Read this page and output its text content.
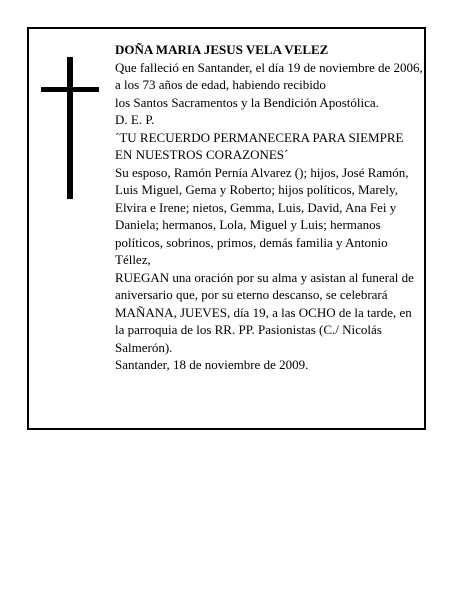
DOÑA MARIA JESUS VELA VELEZ

Que falleció en Santander, el día 19 de noviembre de 2006,

a los 73 años de edad, habiendo recibido

los Santos Sacramentos y la Bendición Apostólica.

D. E. P.

´TU RECUERDO PERMANECERA PARA SIEMPRE EN NUESTROS CORAZONES´

Su esposo, Ramón Pernía Alvarez (); hijos, José Ramón, Luis Miguel, Gema y Roberto; hijos políticos, Marely, Elvira e Irene; nietos, Gemma, Luis, David, Ana Fei y Daniela; hermanos, Lola, Miguel y Luis; hermanos políticos, sobrinos, primos, demás familia y Antonio Téllez,

RUEGAN una oración por su alma y asistan al funeral de aniversario que, por su eterno descanso, se celebrará MAÑANA, JUEVES, día 19, a las OCHO de la tarde, en la parroquia de los RR. PP. Pasionistas (C./ Nicolás Salmerón).

Santander, 18 de noviembre de 2009.
